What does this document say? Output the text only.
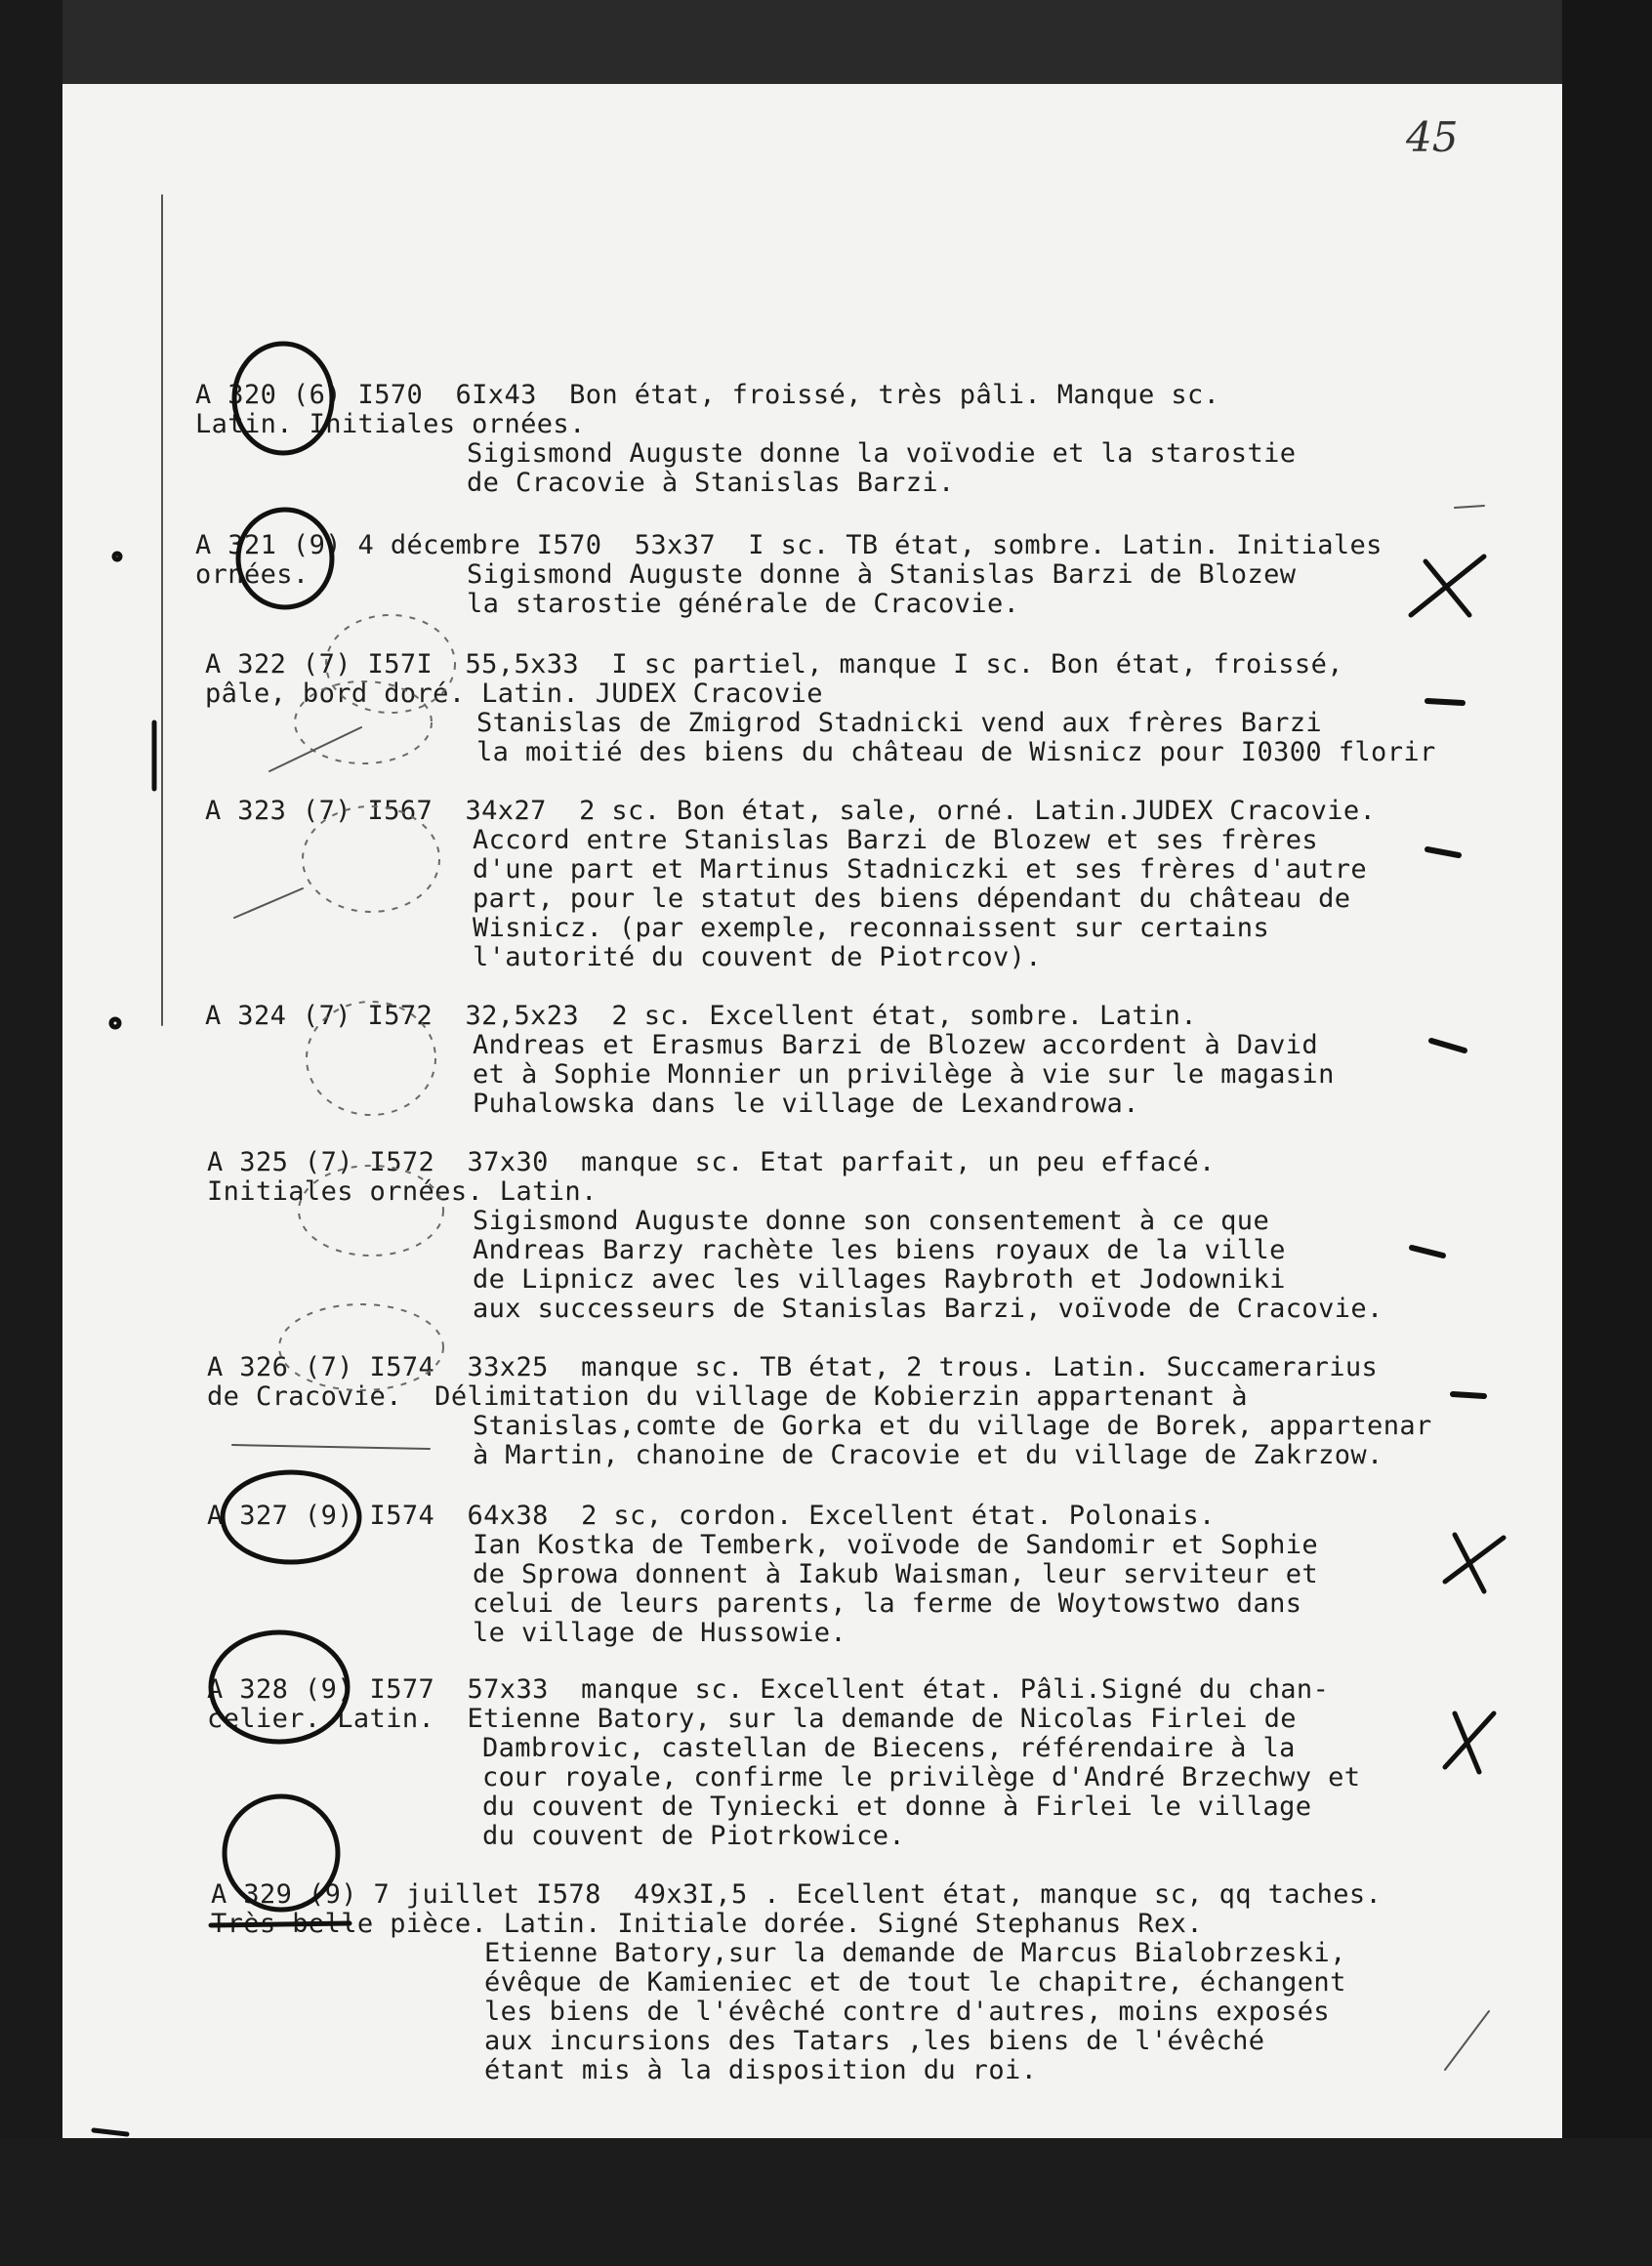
45
A 320 (6) I570  6Ix43  Bon état, froissé, très pâli. Manque sc.
Latin. Initiales ornées.
Sigismond Auguste donne la voïvodie et la starostie
de Cracovie à Stanislas Barzi.
A 321 (9) 4 décembre I570  53x37  I sc. TB état, sombre. Latin. Initiales
ornées.	Sigismond Auguste donne à Stanislas Barzi de Blozew
la starostie générale de Cracovie.
A 322 (7) I57I  55,5x33  I sc partiel, manque I sc. Bon état, froissé,
pâle, bord doré. Latin. JUDEX Cracovie
Stanislas de Zmigrod Stadnicki vend aux frères Barzi
la moitié des biens du château de Wisnicz pour I0300 florir
A 323 (7) I567  34x27  2 sc. Bon état, sale, orné. Latin.JUDEX Cracovie.
Accord entre Stanislas Barzi de Blozew et ses frères
d'une part et Martinus Stadniczki et ses frères d'autre
part, pour le statut des biens dépendant du château de
Wisnicz. (par exemple, reconnaissent sur certains
l'autorité du couvent de Piotrcov).
A 324 (7) I572  32,5x23  2 sc. Excellent état, sombre. Latin.
Andreas et Erasmus Barzi de Blozew accordent à David
et à Sophie Monnier un privilège à vie sur le magasin
Puhalowska dans le village de Lexandrowa.
A 325 (7) I572  37x30  manque sc. Etat parfait, un peu effacé.
Initiales ornées. Latin.
Sigismond Auguste donne son consentement à ce que
Andreas Barzy rachète les biens royaux de la ville
de Lipnicz avec les villages Raybroth et Jodowniki
aux successeurs de Stanislas Barzi, voïvode de Cracovie.
A 326 (7) I574  33x25  manque sc. TB état, 2 trous. Latin. Succamerarius
de Cracovie.  Délimitation du village de Kobierzin appartenant à
Stanislas,comte de Gorka et du village de Borek, appartenar
à Martin, chanoine de Cracovie et du village de Zakrzow.
A 327 (9) I574  64x38  2 sc, cordon. Excellent état. Polonais.
Ian Kostka de Temberk, voïvode de Sandomir et Sophie
de Sprowa donnent à Iakub Waisman, leur serviteur et
celui de leurs parents, la ferme de Woytowstwo dans
le village de Hussowie.
A 328 (9) I577  57x33  manque sc. Excellent état. Pâli.Signé du chan-
celier. Latin.  Etienne Batory, sur la demande de Nicolas Firlei de
Dambrovic, castellan de Biecens, référendaire à la
cour royale, confirme le privilège d'André Brzechwy et
du couvent de Tyniecki et donne à Firlei le village
du couvent de Piotrkowice.
A 329 (9) 7 juillet I578  49x3I,5 . Ecellent état, manque sc, qq taches.
Très belle pièce. Latin. Initiale dorée. Signé Stephanus Rex.
Etienne Batory,sur la demande de Marcus Bialobrzeski,
évêque de Kamieniec et de tout le chapitre, échangent
les biens de l'évêché contre d'autres, moins exposés
aux incursions des Tatars ,les biens de l'évêché
étant mis à la disposition du roi.
